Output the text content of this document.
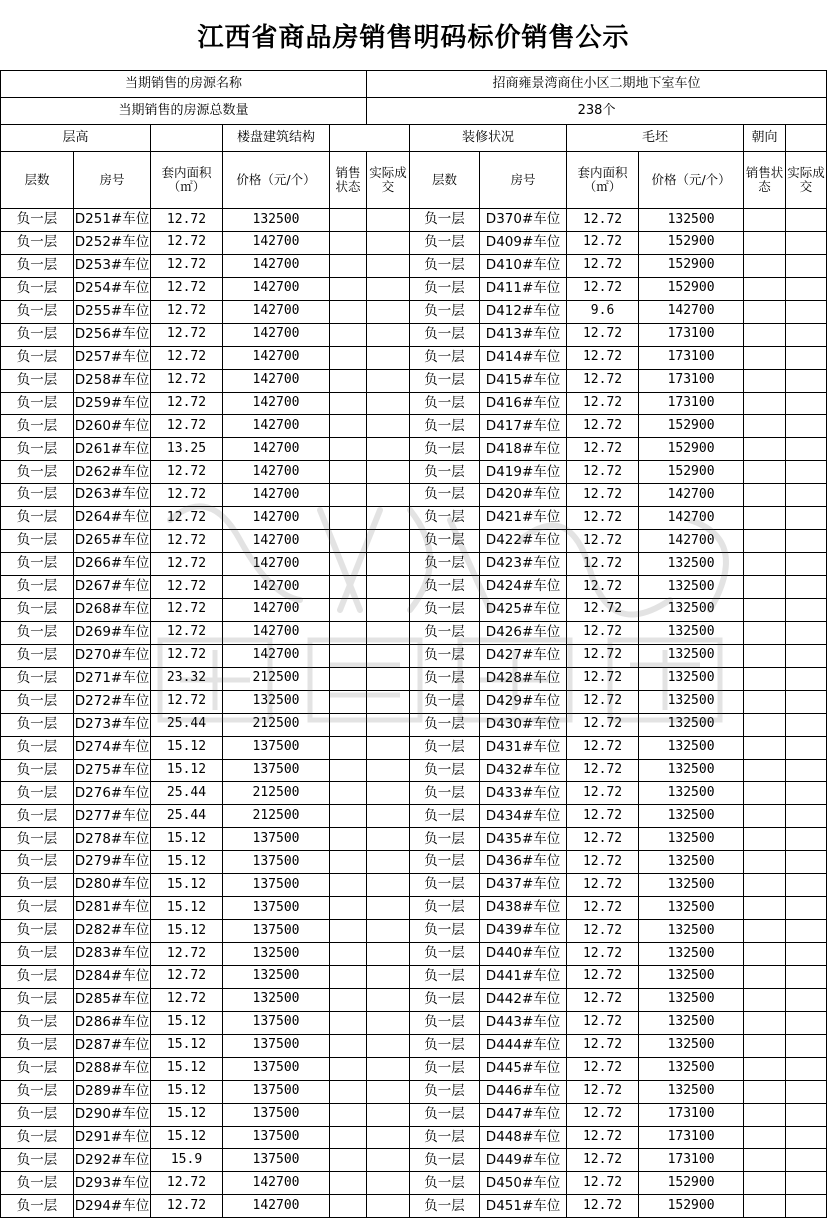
江西省商品房销售明码标价销售公示
当期销售的房源名称					招商雍景湾商住小区二期地下室车位						
当期销售的房源总数量					238个						
层高			楼盘建筑结构			装修状况		毛坯		朝向	
层数	房号	套内面积（㎡）	价格（元/个）	销售状态	实际成交	层数	房号	套内面积（㎡）	价格（元/个）	销售状态	实际成交
负一层	D251#车位	12.72	132500			负一层	D370#车位	12.72	132500		
负一层	D252#车位	12.72	142700			负一层	D409#车位	12.72	152900		
负一层	D253#车位	12.72	142700			负一层	D410#车位	12.72	152900		
负一层	D254#车位	12.72	142700			负一层	D411#车位	12.72	152900		
负一层	D255#车位	12.72	142700			负一层	D412#车位	9.6	142700		
负一层	D256#车位	12.72	142700			负一层	D413#车位	12.72	173100		
负一层	D257#车位	12.72	142700			负一层	D414#车位	12.72	173100		
负一层	D258#车位	12.72	142700			负一层	D415#车位	12.72	173100		
负一层	D259#车位	12.72	142700			负一层	D416#车位	12.72	173100		
负一层	D260#车位	12.72	142700			负一层	D417#车位	12.72	152900		
负一层	D261#车位	13.25	142700			负一层	D418#车位	12.72	152900		
负一层	D262#车位	12.72	142700			负一层	D419#车位	12.72	152900		
负一层	D263#车位	12.72	142700			负一层	D420#车位	12.72	142700		
负一层	D264#车位	12.72	142700			负一层	D421#车位	12.72	142700		
负一层	D265#车位	12.72	142700			负一层	D422#车位	12.72	142700		
负一层	D266#车位	12.72	142700			负一层	D423#车位	12.72	132500		
负一层	D267#车位	12.72	142700			负一层	D424#车位	12.72	132500		
负一层	D268#车位	12.72	142700			负一层	D425#车位	12.72	132500		
负一层	D269#车位	12.72	142700			负一层	D426#车位	12.72	132500		
负一层	D270#车位	12.72	142700			负一层	D427#车位	12.72	132500		
负一层	D271#车位	23.32	212500			负一层	D428#车位	12.72	132500		
负一层	D272#车位	12.72	132500			负一层	D429#车位	12.72	132500		
负一层	D273#车位	25.44	212500			负一层	D430#车位	12.72	132500		
负一层	D274#车位	15.12	137500			负一层	D431#车位	12.72	132500		
负一层	D275#车位	15.12	137500			负一层	D432#车位	12.72	132500		
负一层	D276#车位	25.44	212500			负一层	D433#车位	12.72	132500		
负一层	D277#车位	25.44	212500			负一层	D434#车位	12.72	132500		
负一层	D278#车位	15.12	137500			负一层	D435#车位	12.72	132500		
负一层	D279#车位	15.12	137500			负一层	D436#车位	12.72	132500		
负一层	D280#车位	15.12	137500			负一层	D437#车位	12.72	132500		
负一层	D281#车位	15.12	137500			负一层	D438#车位	12.72	132500		
负一层	D282#车位	15.12	137500			负一层	D439#车位	12.72	132500		
负一层	D283#车位	12.72	132500			负一层	D440#车位	12.72	132500		
负一层	D284#车位	12.72	132500			负一层	D441#车位	12.72	132500		
负一层	D285#车位	12.72	132500			负一层	D442#车位	12.72	132500		
负一层	D286#车位	15.12	137500			负一层	D443#车位	12.72	132500		
负一层	D287#车位	15.12	137500			负一层	D444#车位	12.72	132500		
负一层	D288#车位	15.12	137500			负一层	D445#车位	12.72	132500		
负一层	D289#车位	15.12	137500			负一层	D446#车位	12.72	132500		
负一层	D290#车位	15.12	137500			负一层	D447#车位	12.72	173100		
负一层	D291#车位	15.12	137500			负一层	D448#车位	12.72	173100		
负一层	D292#车位	15.9	137500			负一层	D449#车位	12.72	173100		
负一层	D293#车位	12.72	142700			负一层	D450#车位	12.72	152900		
负一层	D294#车位	12.72	142700			负一层	D451#车位	12.72	152900		
